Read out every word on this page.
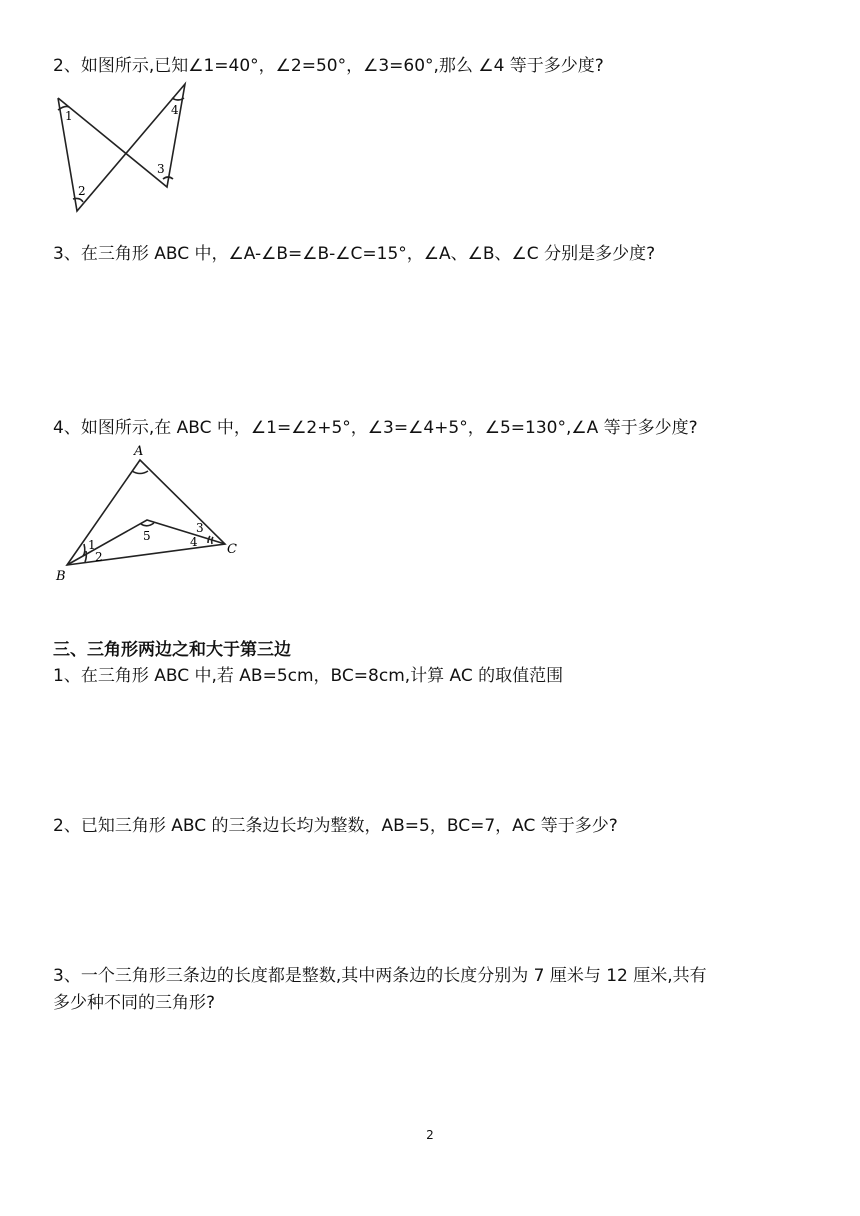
2、如图所示,已知∠1=40°，∠2=50°，∠3=60°,那么 ∠4 等于多少度?
1
2
3
4
3、在三角形 ABC 中，∠A-∠B=∠B-∠C=15°，∠A、∠B、∠C 分别是多少度?
4、如图所示,在 ABC 中，∠1=∠2+5°，∠3=∠4+5°，∠5=130°,∠A 等于多少度?
A
B
C
1
2
3
4
5
三、三角形两边之和大于第三边
1、在三角形 ABC 中,若 AB=5cm，BC=8cm,计算 AC 的取值范围
2、已知三角形 ABC 的三条边长均为整数，AB=5，BC=7，AC 等于多少?
3、一个三角形三条边的长度都是整数,其中两条边的长度分别为 7 厘米与 12 厘米,共有
多少种不同的三角形?
2
